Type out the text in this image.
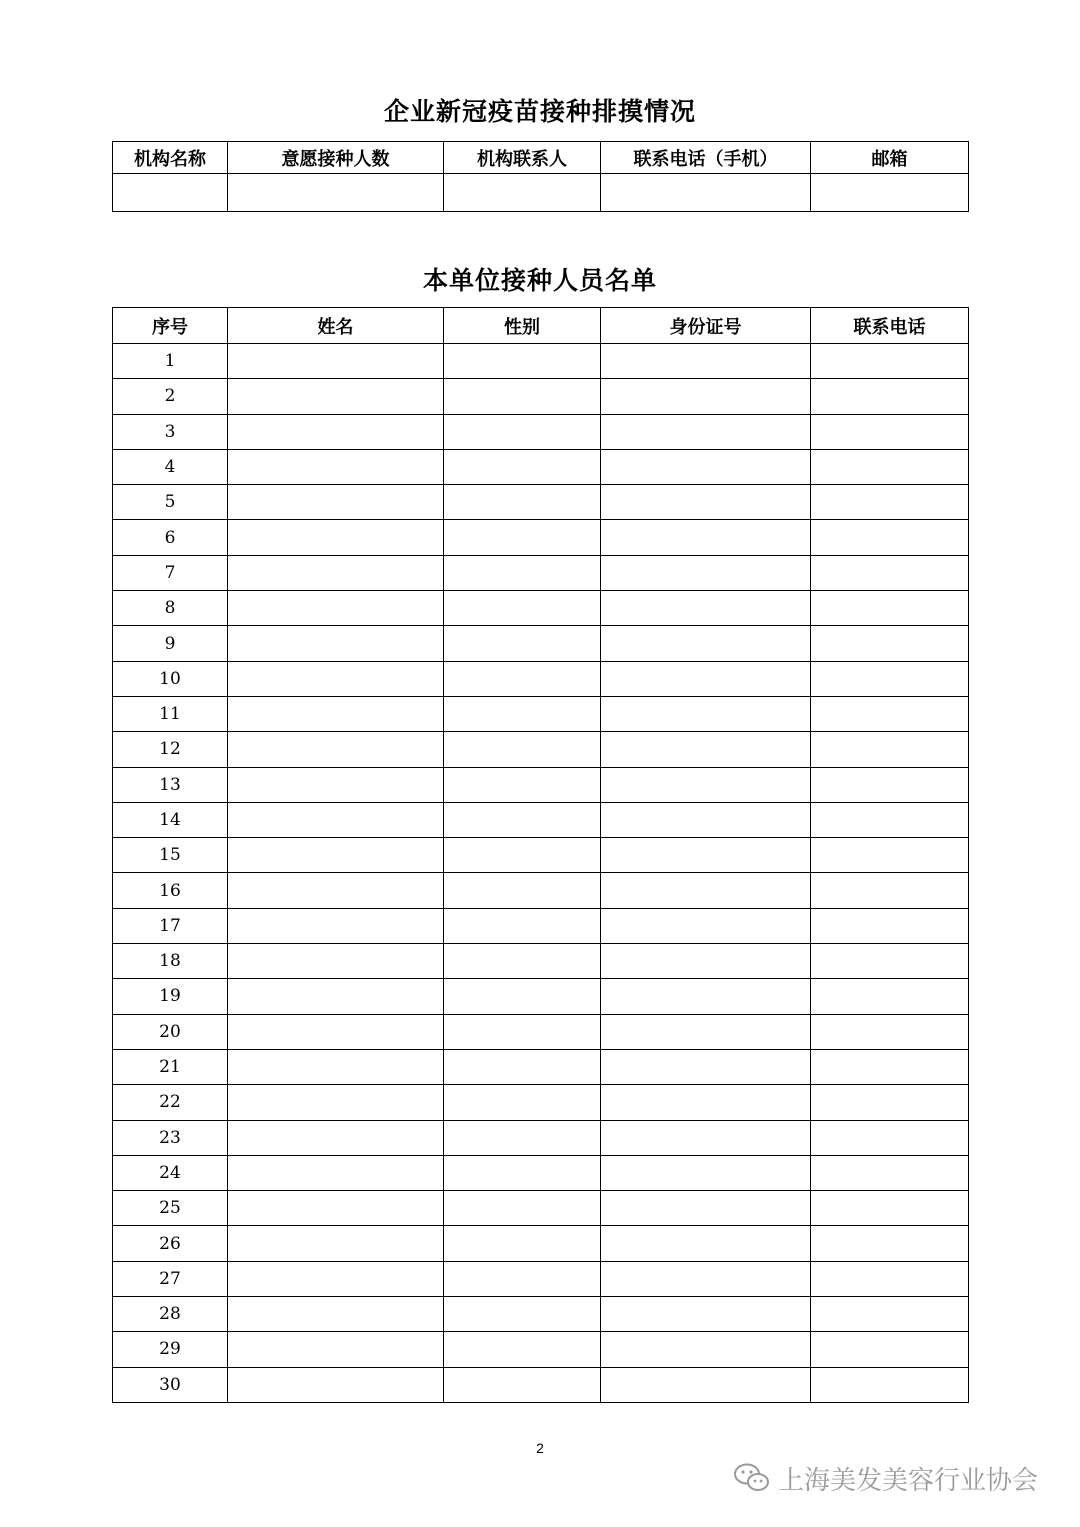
企业新冠疫苗接种排摸情况
机构名称	意愿接种人数	机构联系人	联系电话（手机）	邮箱

本单位接种人员名单
序号	姓名	性别	身份证号	联系电话
1				
2				
3				
4				
5				
6				
7				
8				
9				
10				
11				
12				
13				
14				
15				
16				
17				
18				
19				
20				
21				
22				
23				
24				
25				
26				
27				
28				
29				
30				
2
上海美发美容行业协会
